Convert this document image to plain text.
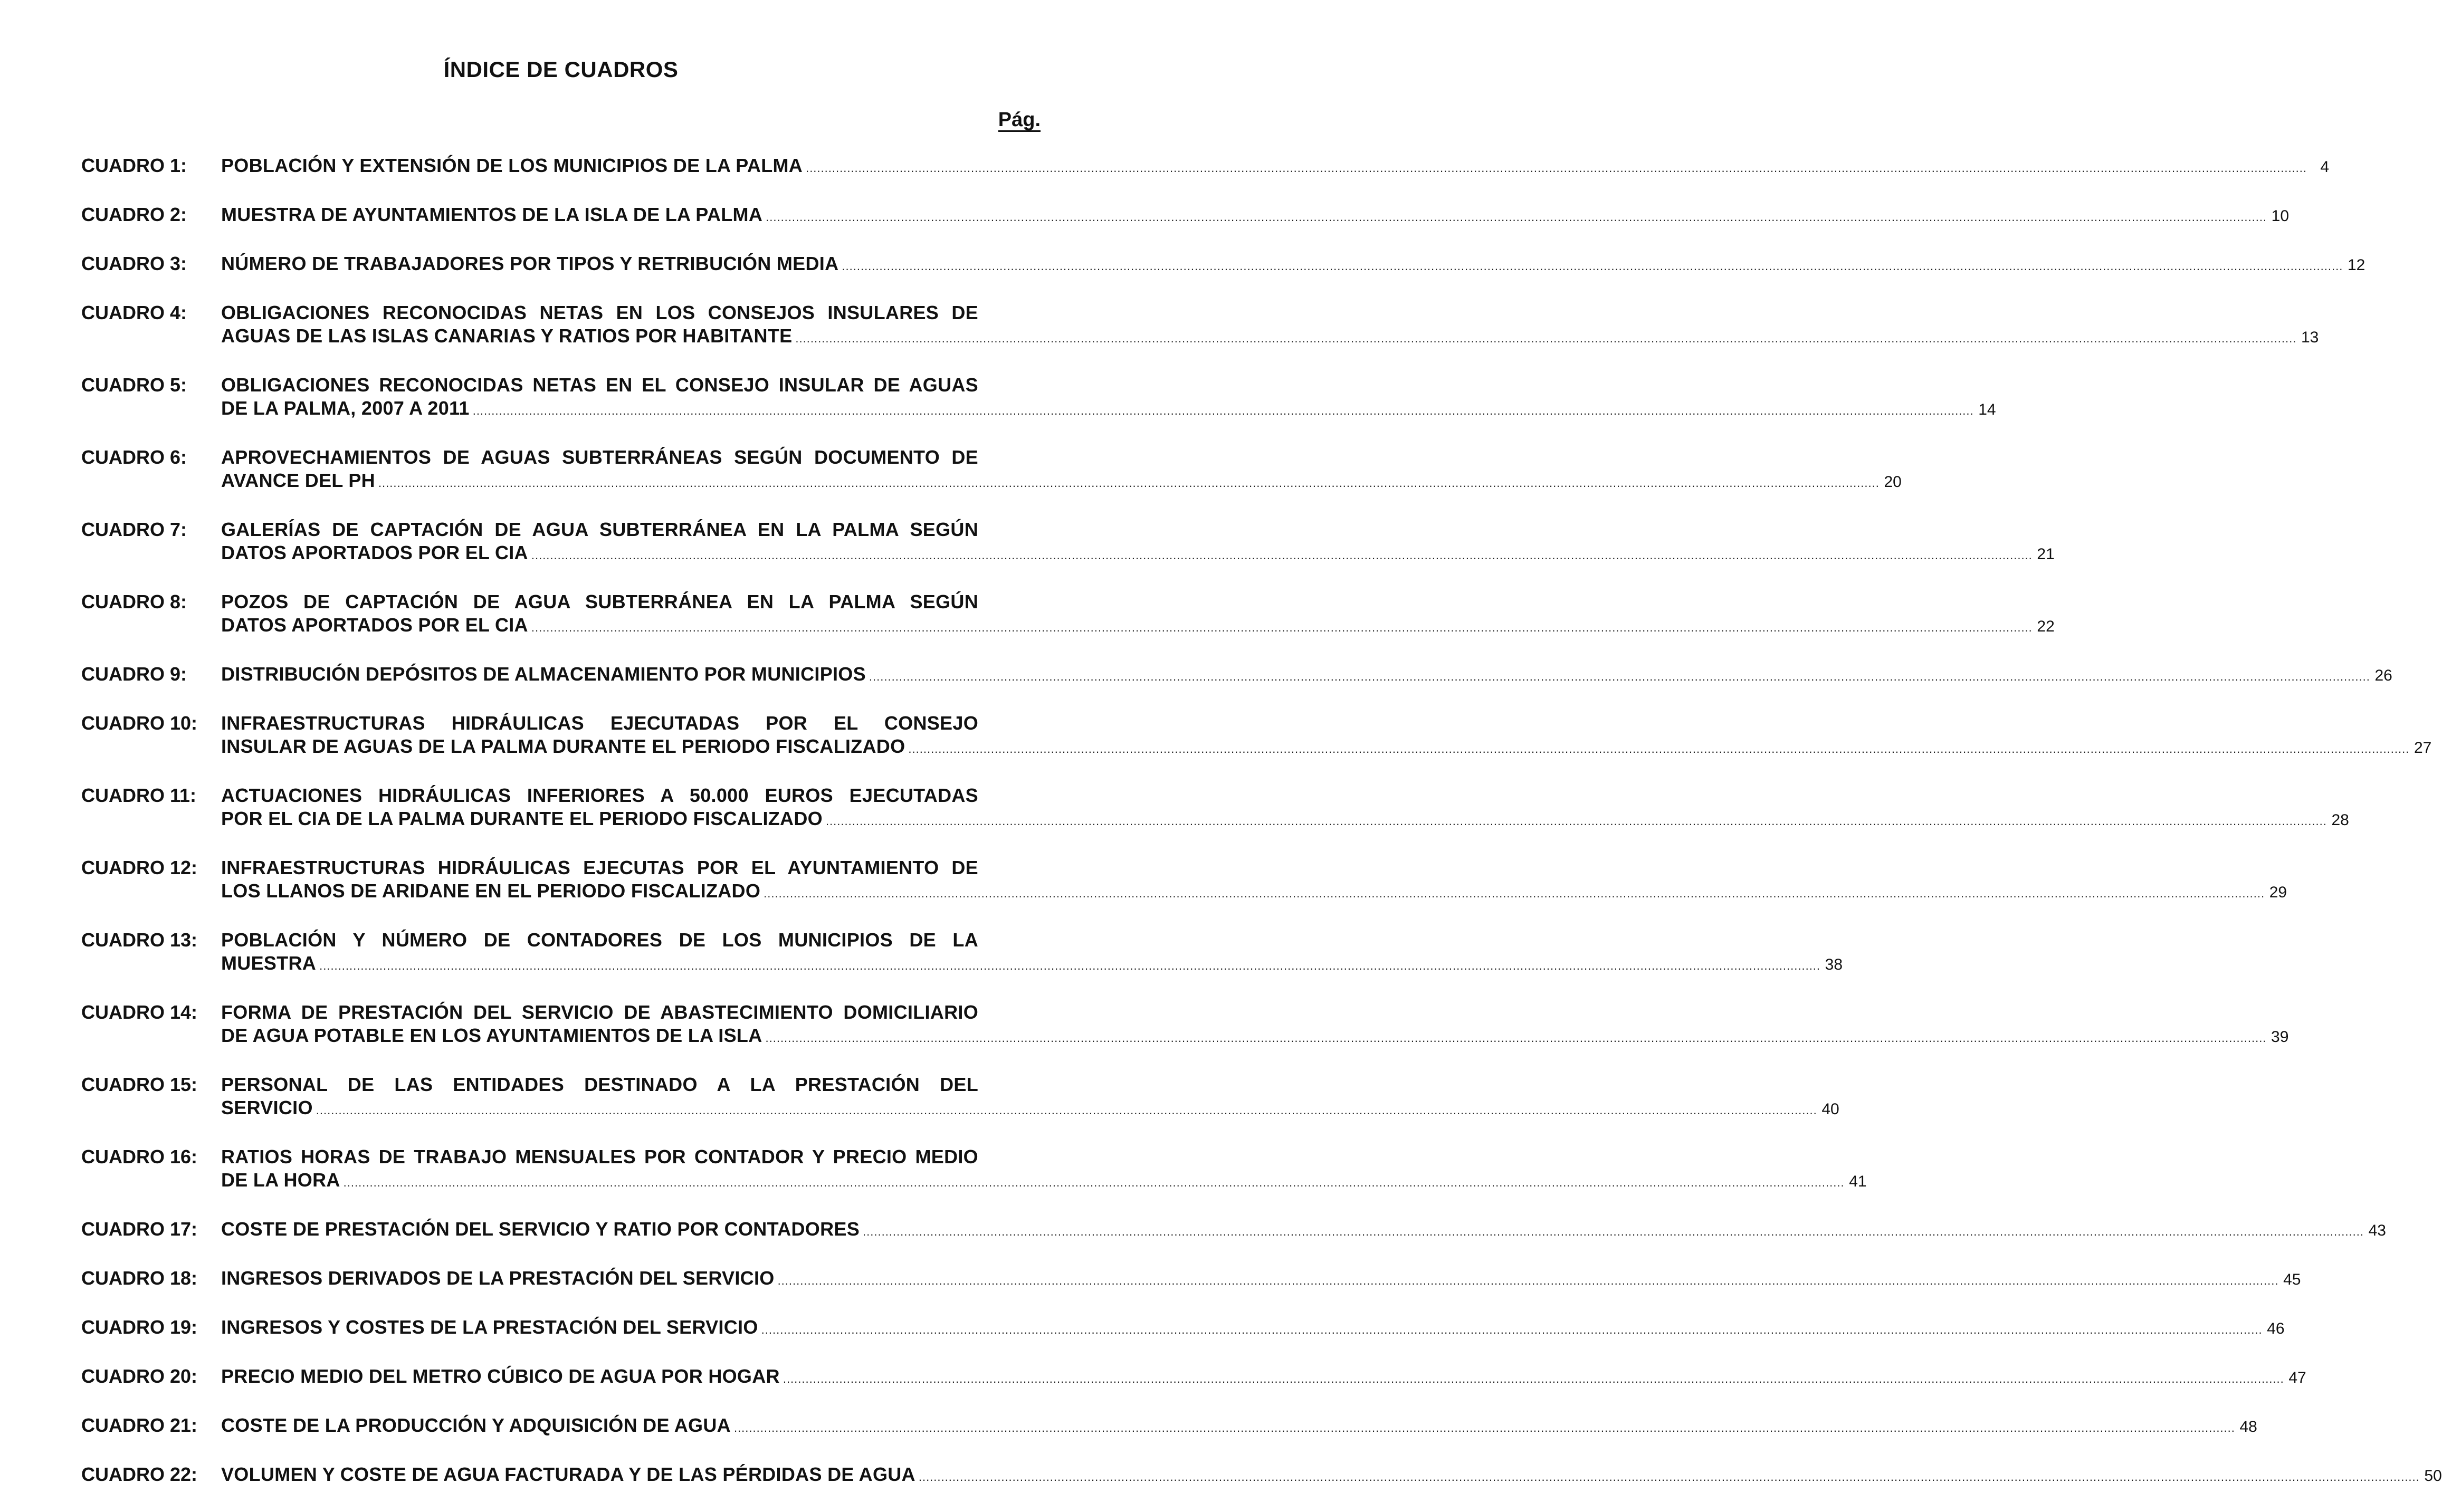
ÍNDICE DE CUADROS
Pág.
CUADRO 1:	POBLACIÓN Y EXTENSIÓN DE LOS MUNICIPIOS DE LA PALMA ................................................................................................................................................................................................................................................................................................................................................................................................................ 4
CUADRO 2:	MUESTRA DE AYUNTAMIENTOS DE LA ISLA DE LA PALMA ................................................................................................................................................................................................................................................................................................................................................................................................................ 10
CUADRO 3:	NÚMERO DE TRABAJADORES POR TIPOS Y RETRIBUCIÓN MEDIA ................................................................................................................................................................................................................................................................................................................................................................................................................ 12
CUADRO 4:	OBLIGACIONES RECONOCIDAS NETAS EN LOS CONSEJOS INSULARES DE
AGUAS DE LAS ISLAS CANARIAS Y RATIOS POR HABITANTE ................................................................................................................................................................................................................................................................................................................................................................................................................ 13
CUADRO 5:	OBLIGACIONES RECONOCIDAS NETAS EN EL CONSEJO INSULAR DE AGUAS
DE LA PALMA, 2007 A 2011 ................................................................................................................................................................................................................................................................................................................................................................................................................ 14
CUADRO 6:	APROVECHAMIENTOS DE AGUAS SUBTERRÁNEAS SEGÚN DOCUMENTO DE
AVANCE DEL PH ................................................................................................................................................................................................................................................................................................................................................................................................................ 20
CUADRO 7:	GALERÍAS DE CAPTACIÓN DE AGUA SUBTERRÁNEA EN LA PALMA SEGÚN
DATOS APORTADOS POR EL CIA ................................................................................................................................................................................................................................................................................................................................................................................................................ 21
CUADRO 8:	POZOS DE CAPTACIÓN DE AGUA SUBTERRÁNEA EN LA PALMA SEGÚN
DATOS APORTADOS POR EL CIA ................................................................................................................................................................................................................................................................................................................................................................................................................ 22
CUADRO 9:	DISTRIBUCIÓN DEPÓSITOS DE ALMACENAMIENTO POR MUNICIPIOS ................................................................................................................................................................................................................................................................................................................................................................................................................ 26
CUADRO 10:	INFRAESTRUCTURAS HIDRÁULICAS EJECUTADAS POR EL CONSEJO
INSULAR DE AGUAS DE LA PALMA DURANTE EL PERIODO FISCALIZADO ................................................................................................................................................................................................................................................................................................................................................................................................................ 27
CUADRO 11:	ACTUACIONES HIDRÁULICAS INFERIORES A 50.000 EUROS EJECUTADAS
POR EL CIA DE LA PALMA DURANTE EL PERIODO FISCALIZADO ................................................................................................................................................................................................................................................................................................................................................................................................................ 28
CUADRO 12:	INFRAESTRUCTURAS HIDRÁULICAS EJECUTAS POR EL AYUNTAMIENTO DE
LOS LLANOS DE ARIDANE EN EL PERIODO FISCALIZADO ................................................................................................................................................................................................................................................................................................................................................................................................................ 29
CUADRO 13:	POBLACIÓN Y NÚMERO DE CONTADORES DE LOS MUNICIPIOS DE LA
MUESTRA ................................................................................................................................................................................................................................................................................................................................................................................................................ 38
CUADRO 14:	FORMA DE PRESTACIÓN DEL SERVICIO DE ABASTECIMIENTO DOMICILIARIO
DE AGUA POTABLE EN LOS AYUNTAMIENTOS DE LA ISLA ................................................................................................................................................................................................................................................................................................................................................................................................................ 39
CUADRO 15:	PERSONAL DE LAS ENTIDADES DESTINADO A LA PRESTACIÓN DEL
SERVICIO ................................................................................................................................................................................................................................................................................................................................................................................................................ 40
CUADRO 16:	RATIOS HORAS DE TRABAJO MENSUALES POR CONTADOR Y PRECIO MEDIO
DE LA HORA ................................................................................................................................................................................................................................................................................................................................................................................................................ 41
CUADRO 17:	COSTE DE PRESTACIÓN DEL SERVICIO Y RATIO POR CONTADORES ................................................................................................................................................................................................................................................................................................................................................................................................................ 43
CUADRO 18:	INGRESOS DERIVADOS DE LA PRESTACIÓN DEL SERVICIO ................................................................................................................................................................................................................................................................................................................................................................................................................ 45
CUADRO 19:	INGRESOS Y COSTES DE LA PRESTACIÓN DEL SERVICIO ................................................................................................................................................................................................................................................................................................................................................................................................................ 46
CUADRO 20:	PRECIO MEDIO DEL METRO CÚBICO DE AGUA POR HOGAR ................................................................................................................................................................................................................................................................................................................................................................................................................ 47
CUADRO 21:	COSTE DE LA PRODUCCIÓN Y ADQUISICIÓN DE AGUA ................................................................................................................................................................................................................................................................................................................................................................................................................ 48
CUADRO 22:	VOLUMEN Y COSTE DE AGUA FACTURADA Y DE LAS PÉRDIDAS DE AGUA ................................................................................................................................................................................................................................................................................................................................................................................................................ 50
